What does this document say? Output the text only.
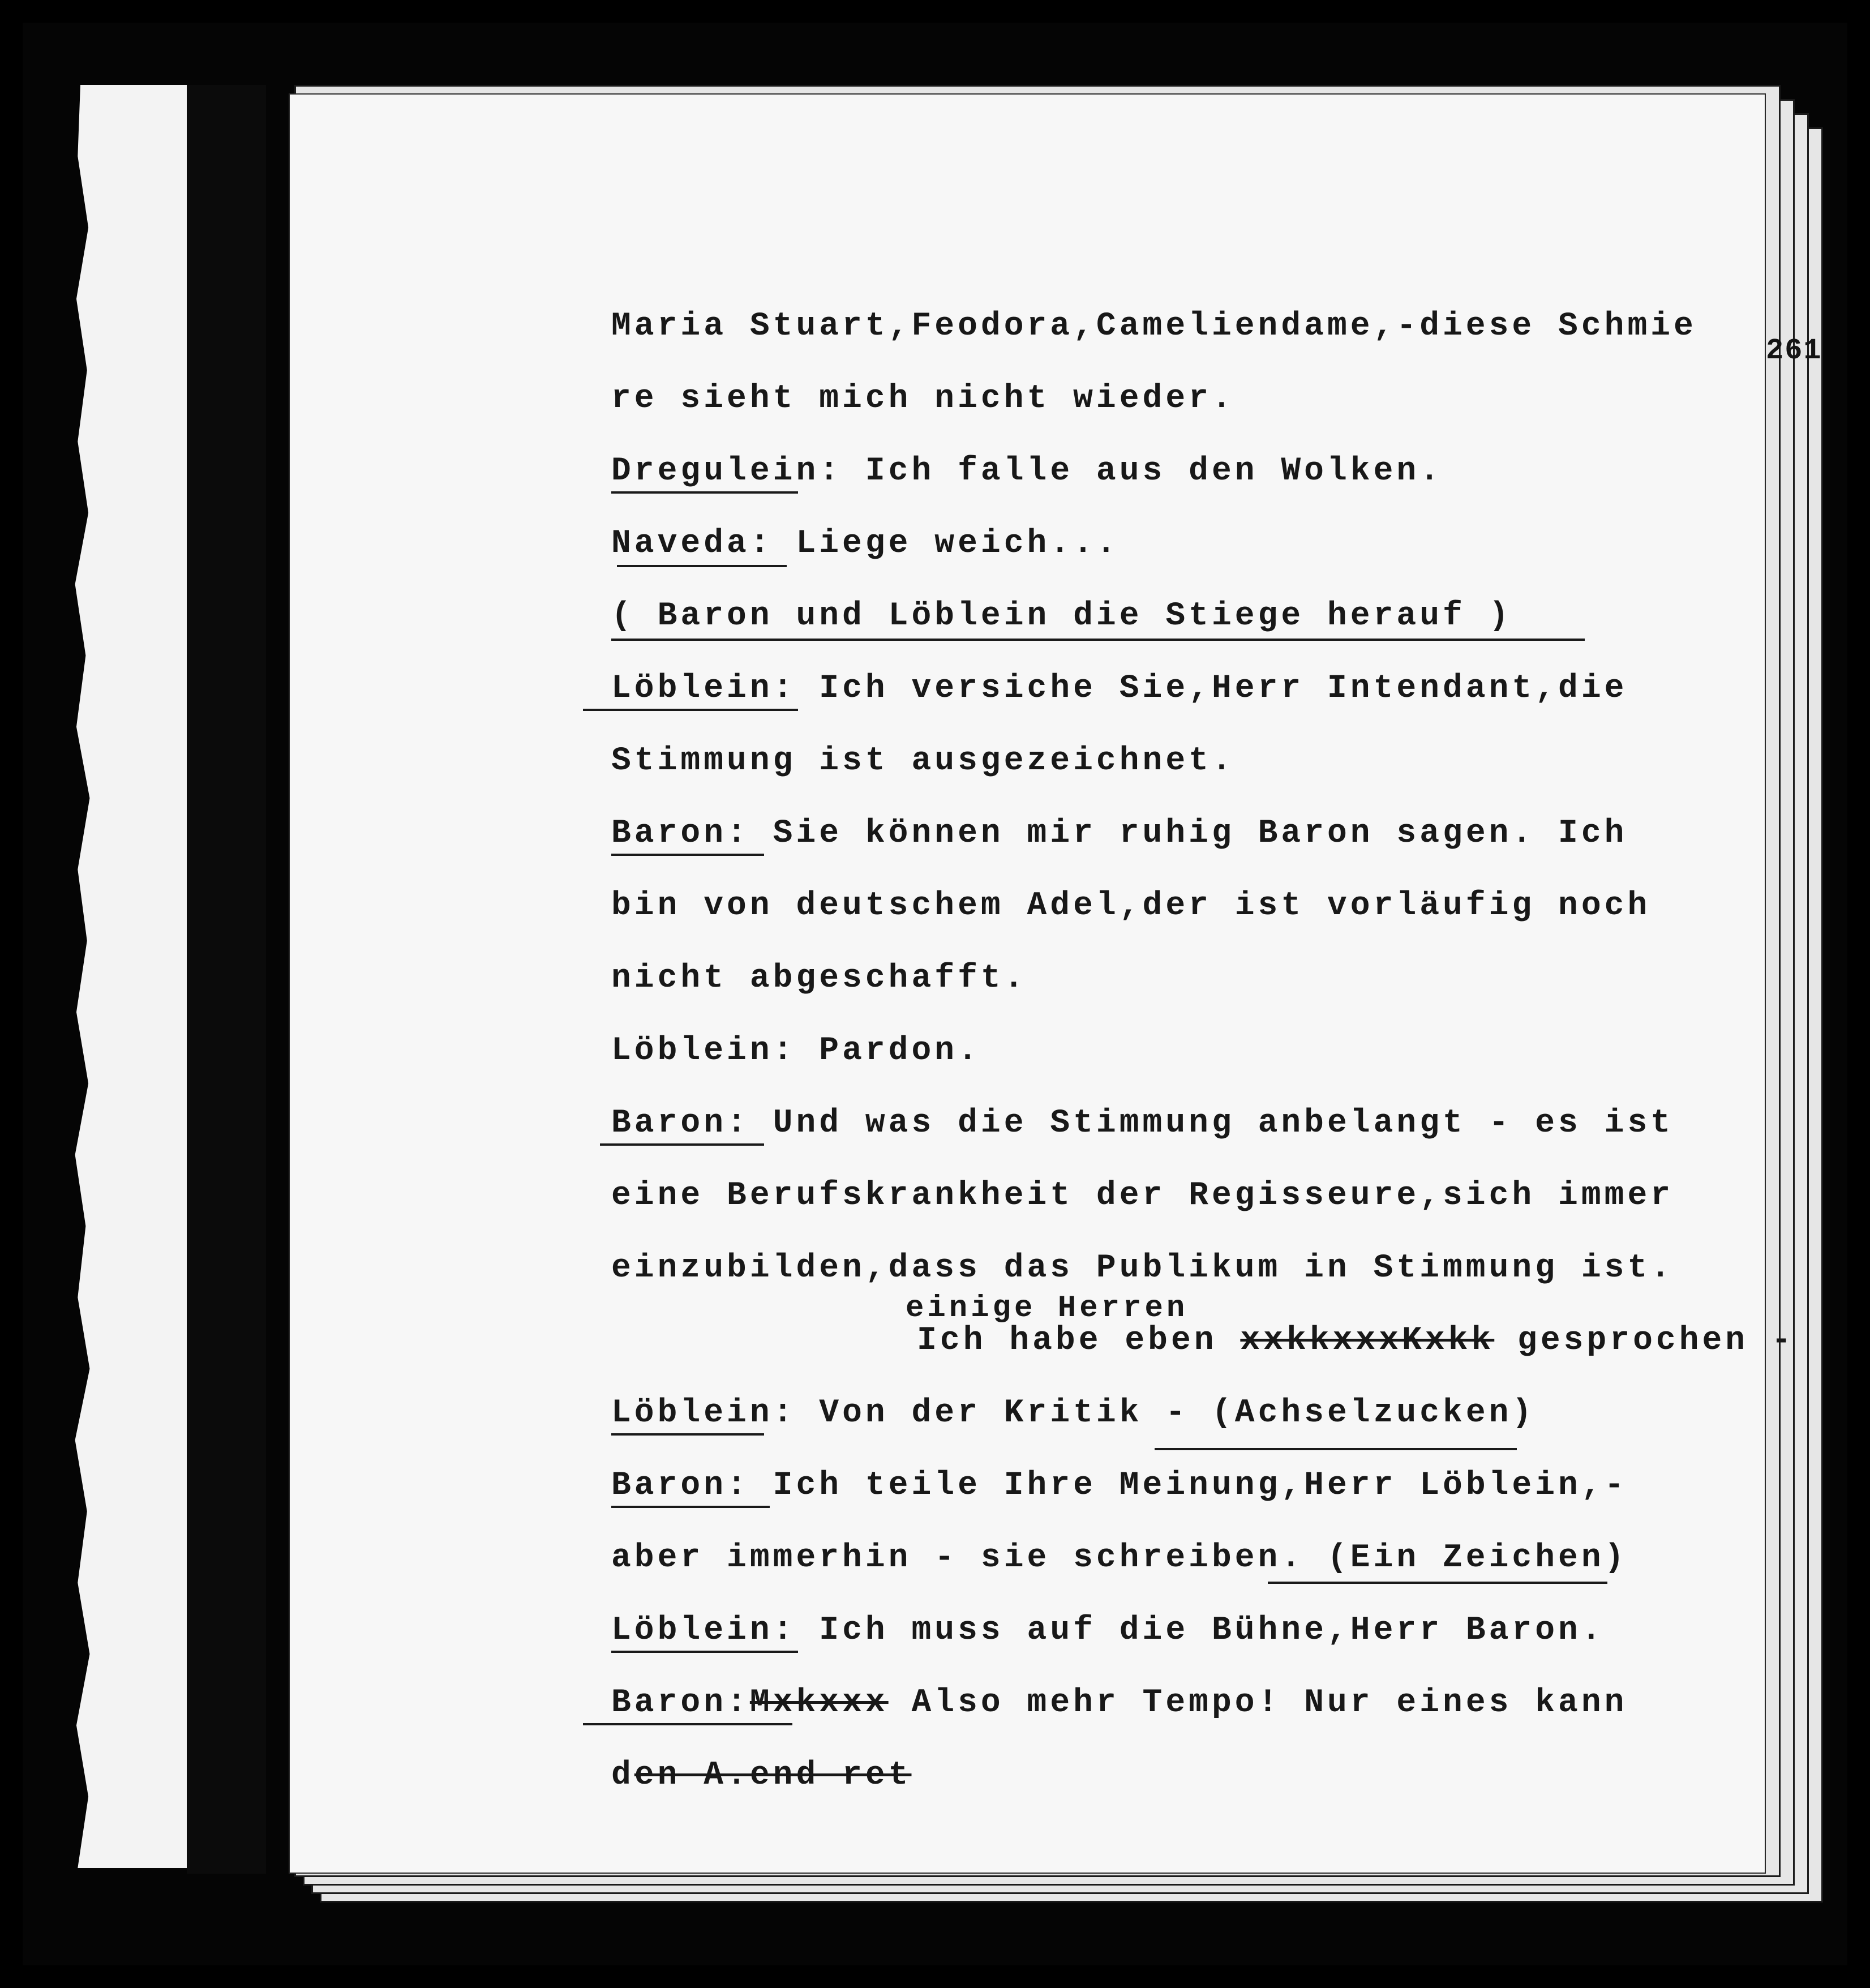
261
Maria Stuart,Feodora,Cameliendame,-diese Schmie
re sieht mich nicht wieder.
Dregulein: Ich falle aus den Wolken.
Naveda: Liege weich...
( Baron und Löblein die Stiege herauf )
Löblein: Ich versiche Sie,Herr Intendant,die
Stimmung ist ausgezeichnet.
Baron: Sie können mir ruhig Baron sagen. Ich
bin von deutschem Adel,der ist vorläufig noch
nicht abgeschafft.
Löblein: Pardon.
Baron: Und was die Stimmung anbelangt - es ist
eine Berufskrankheit der Regisseure,sich immer
einzubilden,dass das Publikum in Stimmung ist.
einige Herren Ich habe eben xxkkxxxKxkk gesprochen -
Löblein: Von der Kritik - (Achselzucken)
Baron: Ich teile Ihre Meinung,Herr Löblein,-
aber immerhin - sie schreiben. (Ein Zeichen)
Löblein: Ich muss auf die Bühne,Herr Baron.
Baron:Mxkxxx Also mehr Tempo! Nur eines kann
den A.end ret
